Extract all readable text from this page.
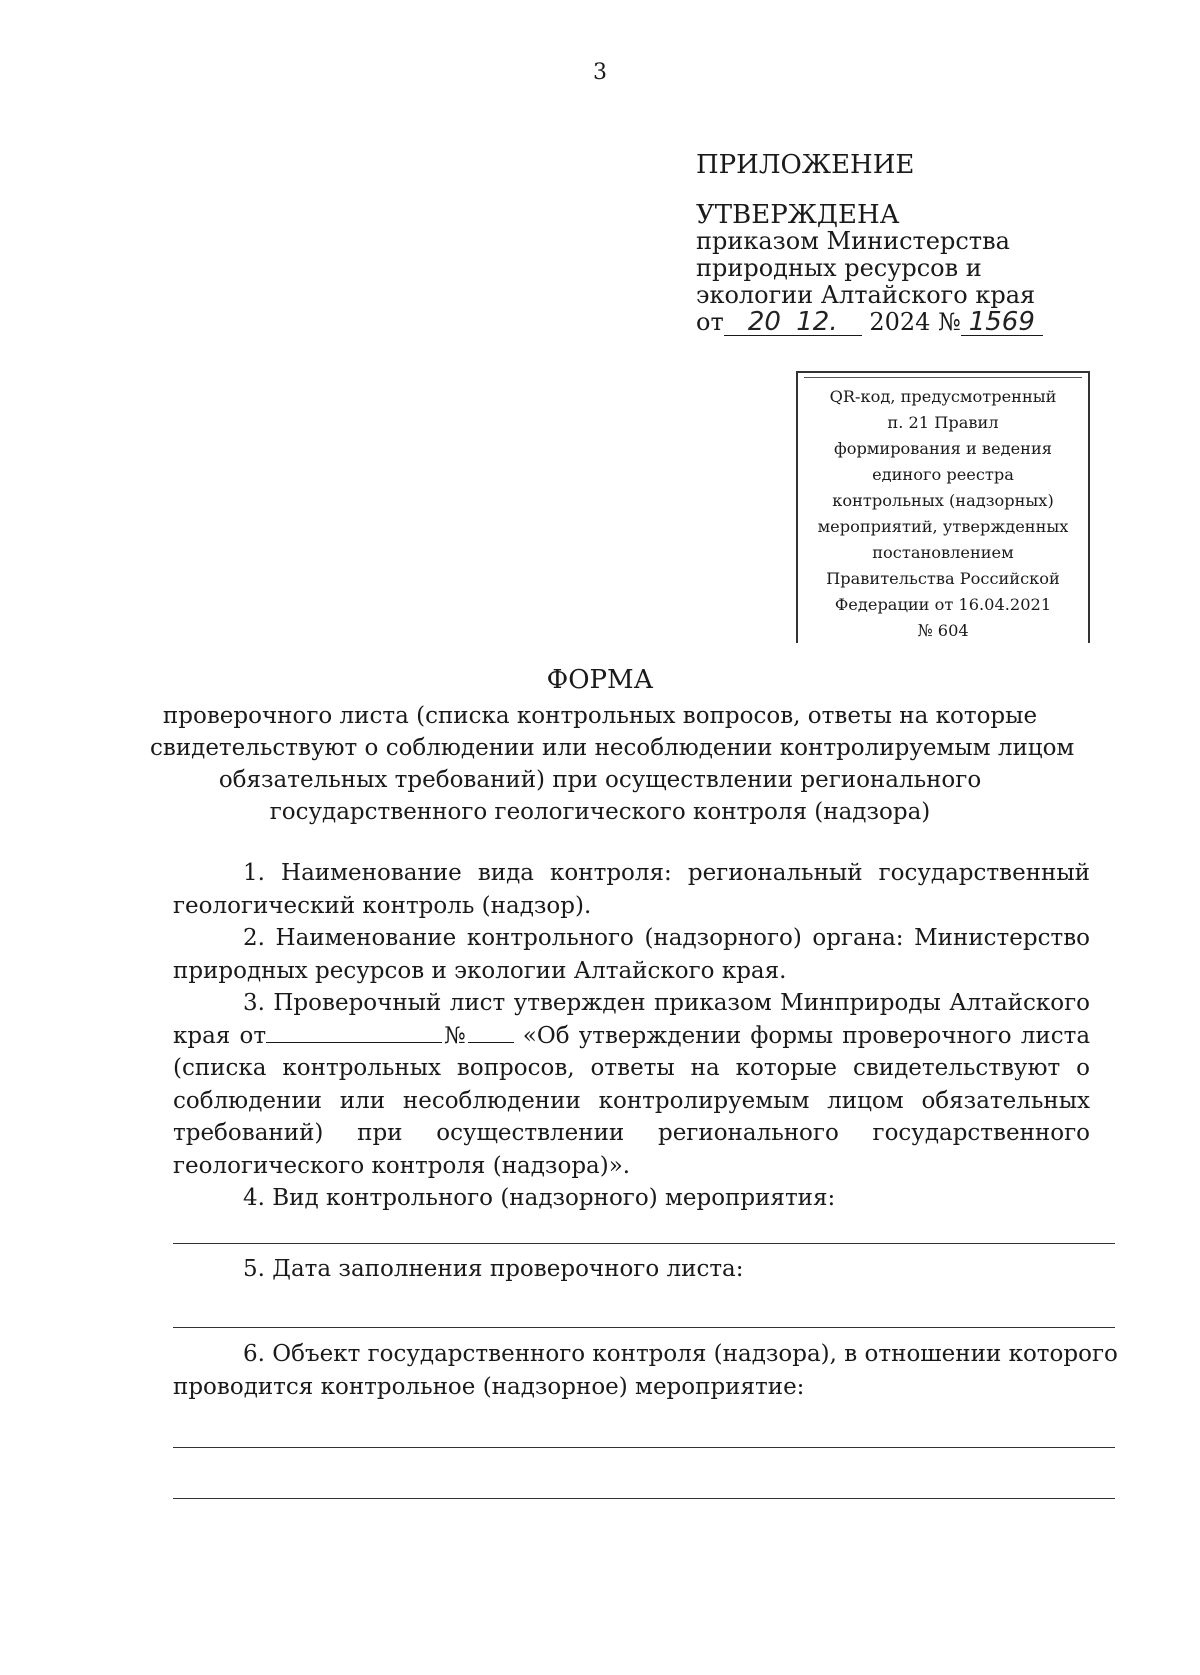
3
ПРИЛОЖЕНИЕ
УТВЕРЖДЕНА
приказом Министерства
природных ресурсов и
экологии Алтайского края
от 20 12. 2024 № 1569
QR-код, предусмотренный
п. 21 Правил
формирования и ведения
единого реестра
контрольных (надзорных)
мероприятий, утвержденных
постановлением
Правительства Российской
Федерации от 16.04.2021
№ 604
ФОРМА
проверочного листа (списка контрольных вопросов, ответы на которые
свидетельствуют о соблюдении или несоблюдении контролируемым лицом
обязательных требований) при осуществлении регионального
государственного геологического контроля (надзора)
1. Наименование вида контроля: региональный государственный
геологический контроль (надзор).
2. Наименование контрольного (надзорного) органа: Министерство
природных ресурсов и экологии Алтайского края.
3. Проверочный лист утвержден приказом Минприроды Алтайского
края от	№ «Об утверждении формы проверочного листа
(списка контрольных вопросов, ответы на которые свидетельствуют о
соблюдении или несоблюдении контролируемым лицом обязательных
требований) при осуществлении регионального государственного
геологического контроля (надзора)».
4. Вид контрольного (надзорного) мероприятия:
5. Дата заполнения проверочного листа:
6. Объект государственного контроля (надзора), в отношении которого
проводится контрольное (надзорное) мероприятие:
